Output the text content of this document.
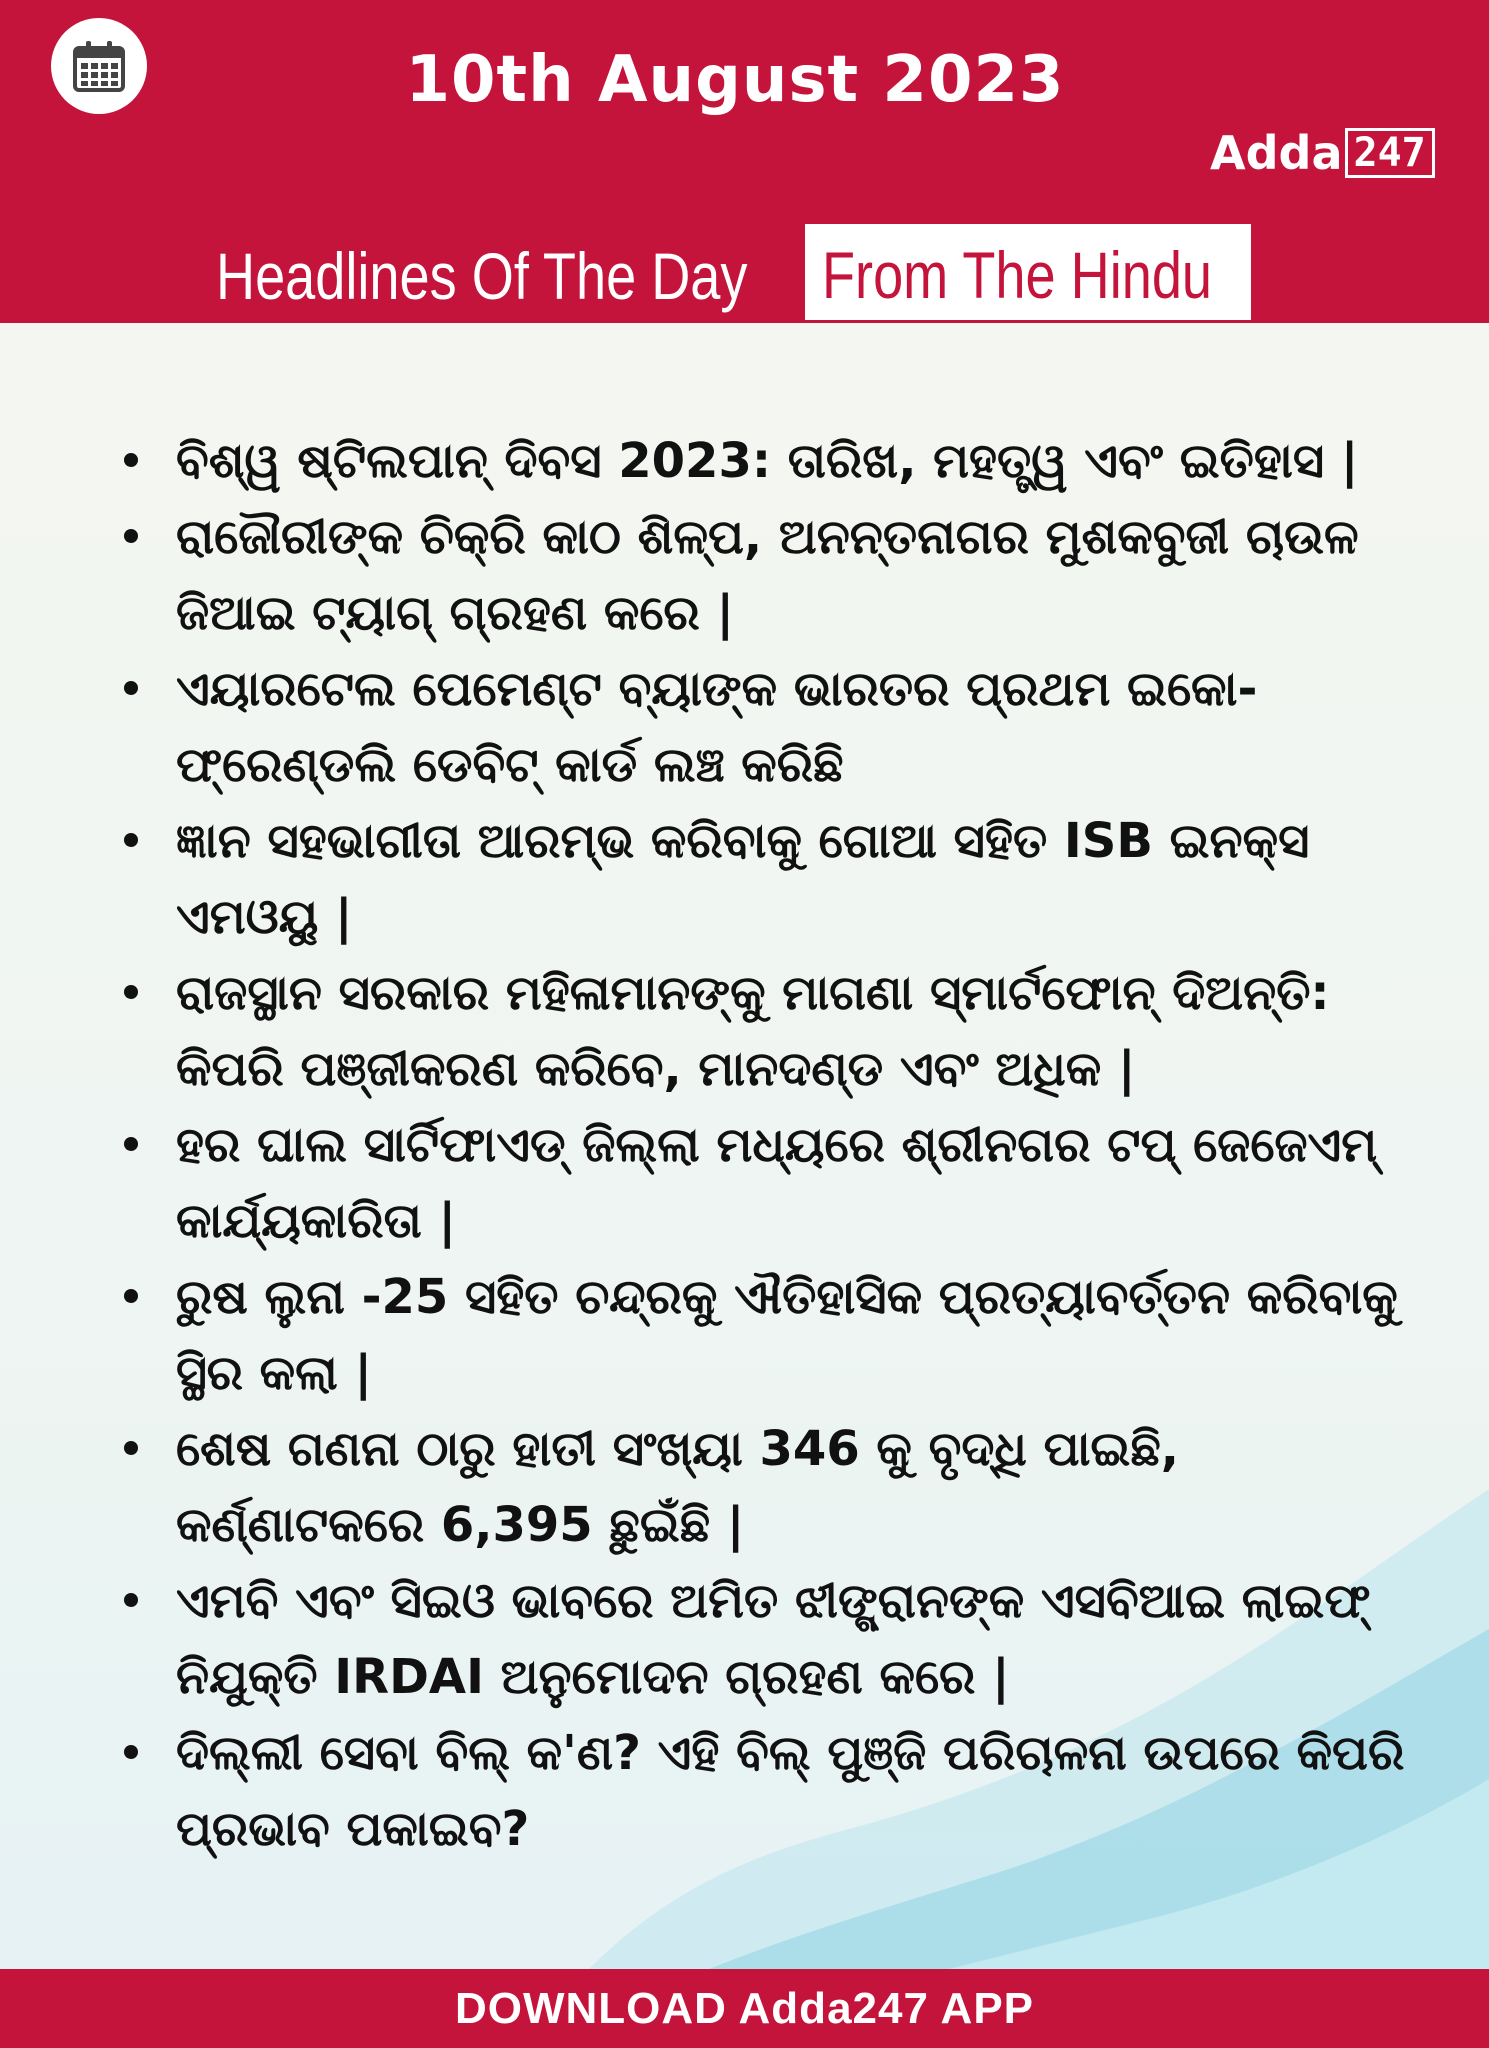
10th August 2023
Adda 247
Headlines Of The Day From The Hindu
ବିଶ୍ୱ ଷ୍ଟିଲପାନ୍ ଦିବସ 2023: ତାରିଖ, ମହତ୍ତ୍ୱ ଏବଂ ଇତିହାସ |
ରାଜୌରୀଙ୍କ ଚିକ୍ରି କାଠ ଶିଳ୍ପ, ଅନନ୍ତନାଗର ମୁଶକବୁଜୀ ଚାଉଳ ଜିଆଇ ଟ୍ୟାଗ୍ ଗ୍ରହଣ କରେ |
ଏୟାରଟେଲ ପେମେଣ୍ଟ ବ୍ୟାଙ୍କ ଭାରତର ପ୍ରଥମ ଇକୋ-ଫ୍ରେଣ୍ଡଲି ଡେବିଟ୍ କାର୍ଡ ଲଞ୍ଚ କରିଛି
ଜ୍ଞାନ ସହଭାଗୀତା ଆରମ୍ଭ କରିବାକୁ ଗୋଆ ସହିତ ISB ଇନକ୍ସ ଏମଓୟୁ |
ରାଜସ୍ଥାନ ସରକାର ମହିଳାମାନଙ୍କୁ ମାଗଣା ସ୍ମାର୍ଟଫୋନ୍ ଦିଅନ୍ତି: କିପରି ପଞ୍ଜୀକରଣ କରିବେ, ମାନଦଣ୍ଡ ଏବଂ ଅଧିକ |
ହର ଘାଲ ସାର୍ଟିଫାଏଡ୍ ଜିଲ୍ଲା ମଧ୍ୟରେ ଶ୍ରୀନଗର ଟପ୍ ଜେଜେଏମ୍ କାର୍ଯ୍ୟକାରିତା |
ରୁଷ ଲୁନା -25 ସହିତ ଚନ୍ଦ୍ରକୁ ଐତିହାସିକ ପ୍ରତ୍ୟାବର୍ତ୍ତନ କରିବାକୁ ସ୍ଥିର କଲା |
ଶେଷ ଗଣନା ଠାରୁ ହାତୀ ସଂଖ୍ୟା 346 କୁ ବୃଦ୍ଧି ପାଇଛି, କର୍ଣ୍ଣାଟକରେ 6,395 ଛୁଇଁଛି |
ଏମବି ଏବଂ ସିଇଓ ଭାବରେ ଅମିତ ଝୀଙ୍ଗ୍ରାନଙ୍କ ଏସବିଆଇ ଲାଇଫ୍ ନିଯୁକ୍ତି IRDAI ଅନୁମୋଦନ ଗ୍ରହଣ କରେ |
ଦିଲ୍ଲୀ ସେବା ବିଲ୍ କ'ଣ? ଏହି ବିଲ୍ ପୁଞ୍ଜି ପରିଚାଳନା ଉପରେ କିପରି ପ୍ରଭାବ ପକାଇବ?
DOWNLOAD Adda247 APP
